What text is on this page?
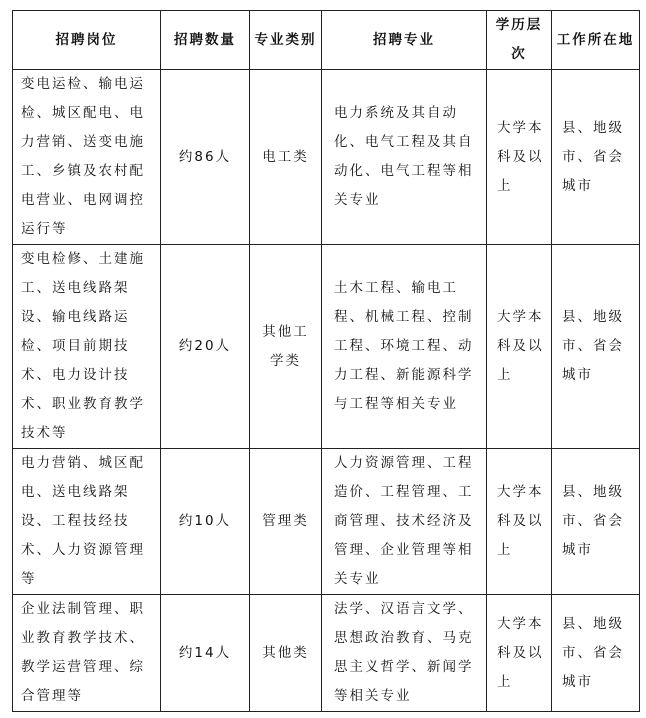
招聘岗位	招聘数量	专业类别	招聘专业	学历层次	工作所在地
变电运检、输电运检、城区配电、电力营销、送变电施工、乡镇及农村配电营业、电网调控运行等	约86人	电工类	电力系统及其自动化、电气工程及其自动化、电气工程等相关专业	大学本科及以上	县、地级市、省会城市
变电检修、土建施工、送电线路架设、输电线路运检、项目前期技术、电力设计技术、职业教育教学技术等	约20人	其他工学类	土木工程、输电工程、机械工程、控制工程、环境工程、动力工程、新能源科学与工程等相关专业	大学本科及以上	县、地级市、省会城市
电力营销、城区配电、送电线路架设、工程技经技术、人力资源管理等	约10人	管理类	人力资源管理、工程造价、工程管理、工商管理、技术经济及管理、企业管理等相关专业	大学本科及以上	县、地级市、省会城市
企业法制管理、职业教育教学技术、教学运营管理、综合管理等	约14人	其他类	法学、汉语言文学、思想政治教育、马克思主义哲学、新闻学等相关专业	大学本科及以上	县、地级市、省会城市
